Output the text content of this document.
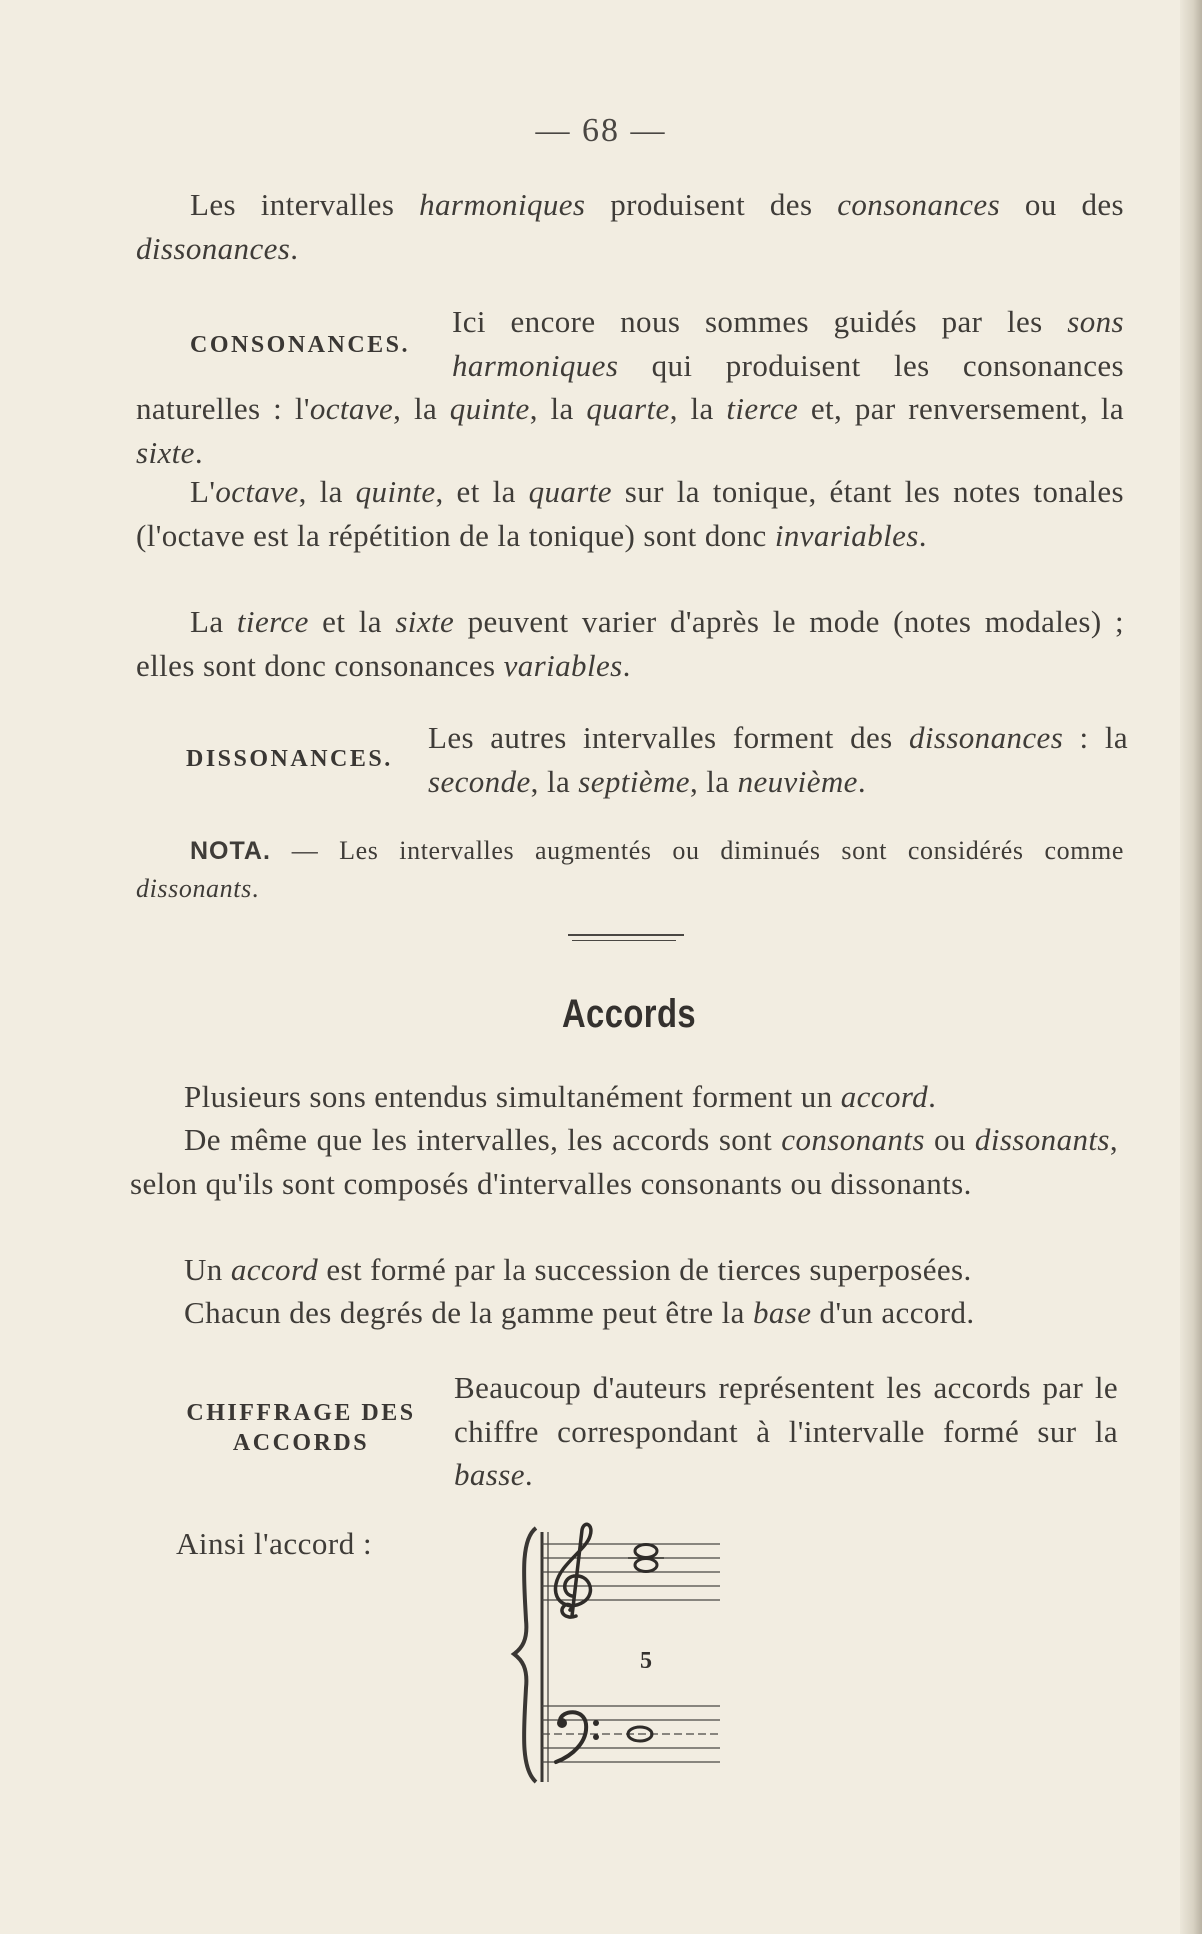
— 68 —
Les intervalles harmoniques produisent des consonances ou des dissonances.
CONSONANCES.
Ici encore nous sommes guidés par les sons harmoniques qui produisent les consonances naturelles : l'octave, la quinte, la quarte, la tierce et, par renversement, la sixte.
L'octave, la quinte, et la quarte sur la tonique, étant les notes tonales (l'octave est la répétition de la tonique) sont donc invariables.
La tierce et la sixte peuvent varier d'après le mode (notes modales) ; elles sont donc consonances variables.
DISSONANCES.
Les autres intervalles forment des dissonances : la seconde, la septième, la neuvième.
NOTA. — Les intervalles augmentés ou diminués sont considérés comme dissonants.
Accords
Plusieurs sons entendus simultanément forment un accord.
De même que les intervalles, les accords sont consonants ou dissonants, selon qu'ils sont composés d'intervalles consonants ou dissonants.
Un accord est formé par la succession de tierces superposées.
Chacun des degrés de la gamme peut être la base d'un accord.
CHIFFRAGE DES
ACCORDS
Beaucoup d'auteurs représentent les accords par le chiffre correspondant à l'intervalle formé sur la basse.
Ainsi l'accord :
5
